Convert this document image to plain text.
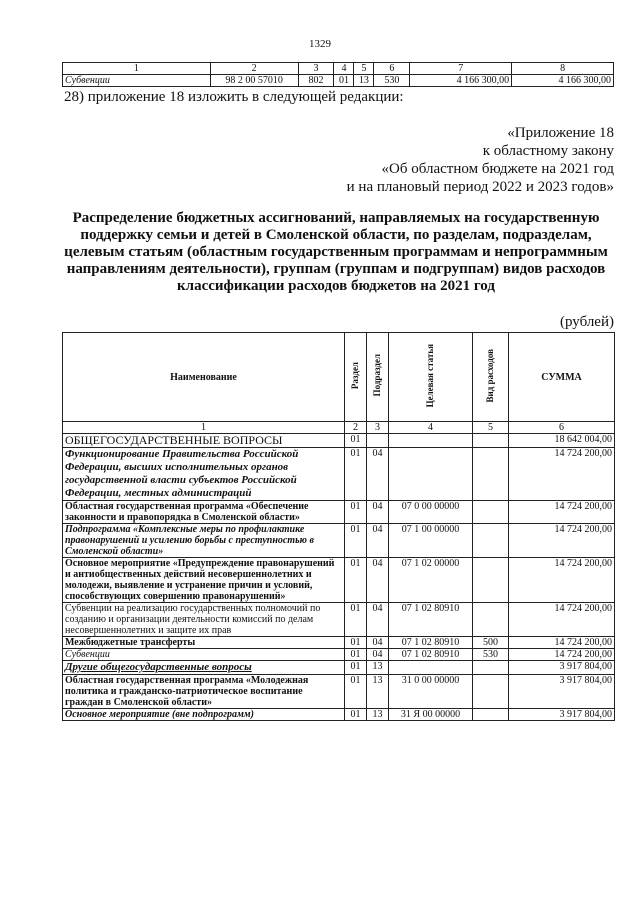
1329
1	2	3	4	5	6	7	8
Субвенции	98 2 00 57010	802	01	13	530	4 166 300,00	4 166 300,00
28) приложение 18 изложить в следующей редакции:
«Приложение 18
к областному закону
«Об областном бюджете на 2021 год
и на плановый период 2022 и 2023 годов»
Распределение бюджетных ассигнований, направляемых на государственную поддержку семьи и детей в Смоленской области, по разделам, подразделам, целевым статьям (областным государственным программам и непрограммным направлениям деятельности), группам (группам и подгруппам) видов расходов классификации расходов бюджетов на 2021 год
(рублей)
Наименование	Раздел	Подраздел	Целевая статья	Вид расходов	СУММА
1	2	3	4	5	6
ОБЩЕГОСУДАРСТВЕННЫЕ ВОПРОСЫ	01				18 642 004,00
Функционирование Правительства Российской Федерации, высших исполнительных органов государственной власти субъектов Российской Федерации, местных администраций	01	04			14 724 200,00
Областная государственная программа «Обеспечение законности и правопорядка в Смоленской области»	01	04	07 0 00 00000		14 724 200,00
Подпрограмма «Комплексные меры по профилактике правонарушений и усилению борьбы с преступностью в Смоленской области»	01	04	07 1 00 00000		14 724 200,00
Основное мероприятие «Предупреждение правонарушений и антиобщественных действий несовершеннолетних и молодежи, выявление и устранение причин и условий, способствующих совершению правонарушений»	01	04	07 1 02 00000		14 724 200,00
Субвенции на реализацию государственных полномочий по созданию и организации деятельности комиссий по делам несовершеннолетних и защите их прав	01	04	07 1 02 80910		14 724 200,00
Межбюджетные трансферты	01	04	07 1 02 80910	500	14 724 200,00
Субвенции	01	04	07 1 02 80910	530	14 724 200,00
Другие общегосударственные вопросы	01	13			3 917 804,00
Областная государственная программа «Молодежная политика и гражданско-патриотическое воспитание граждан в Смоленской области»	01	13	31 0 00 00000		3 917 804,00
Основное мероприятие (вне подпрограмм)	01	13	31 Я 00 00000		3 917 804,00
